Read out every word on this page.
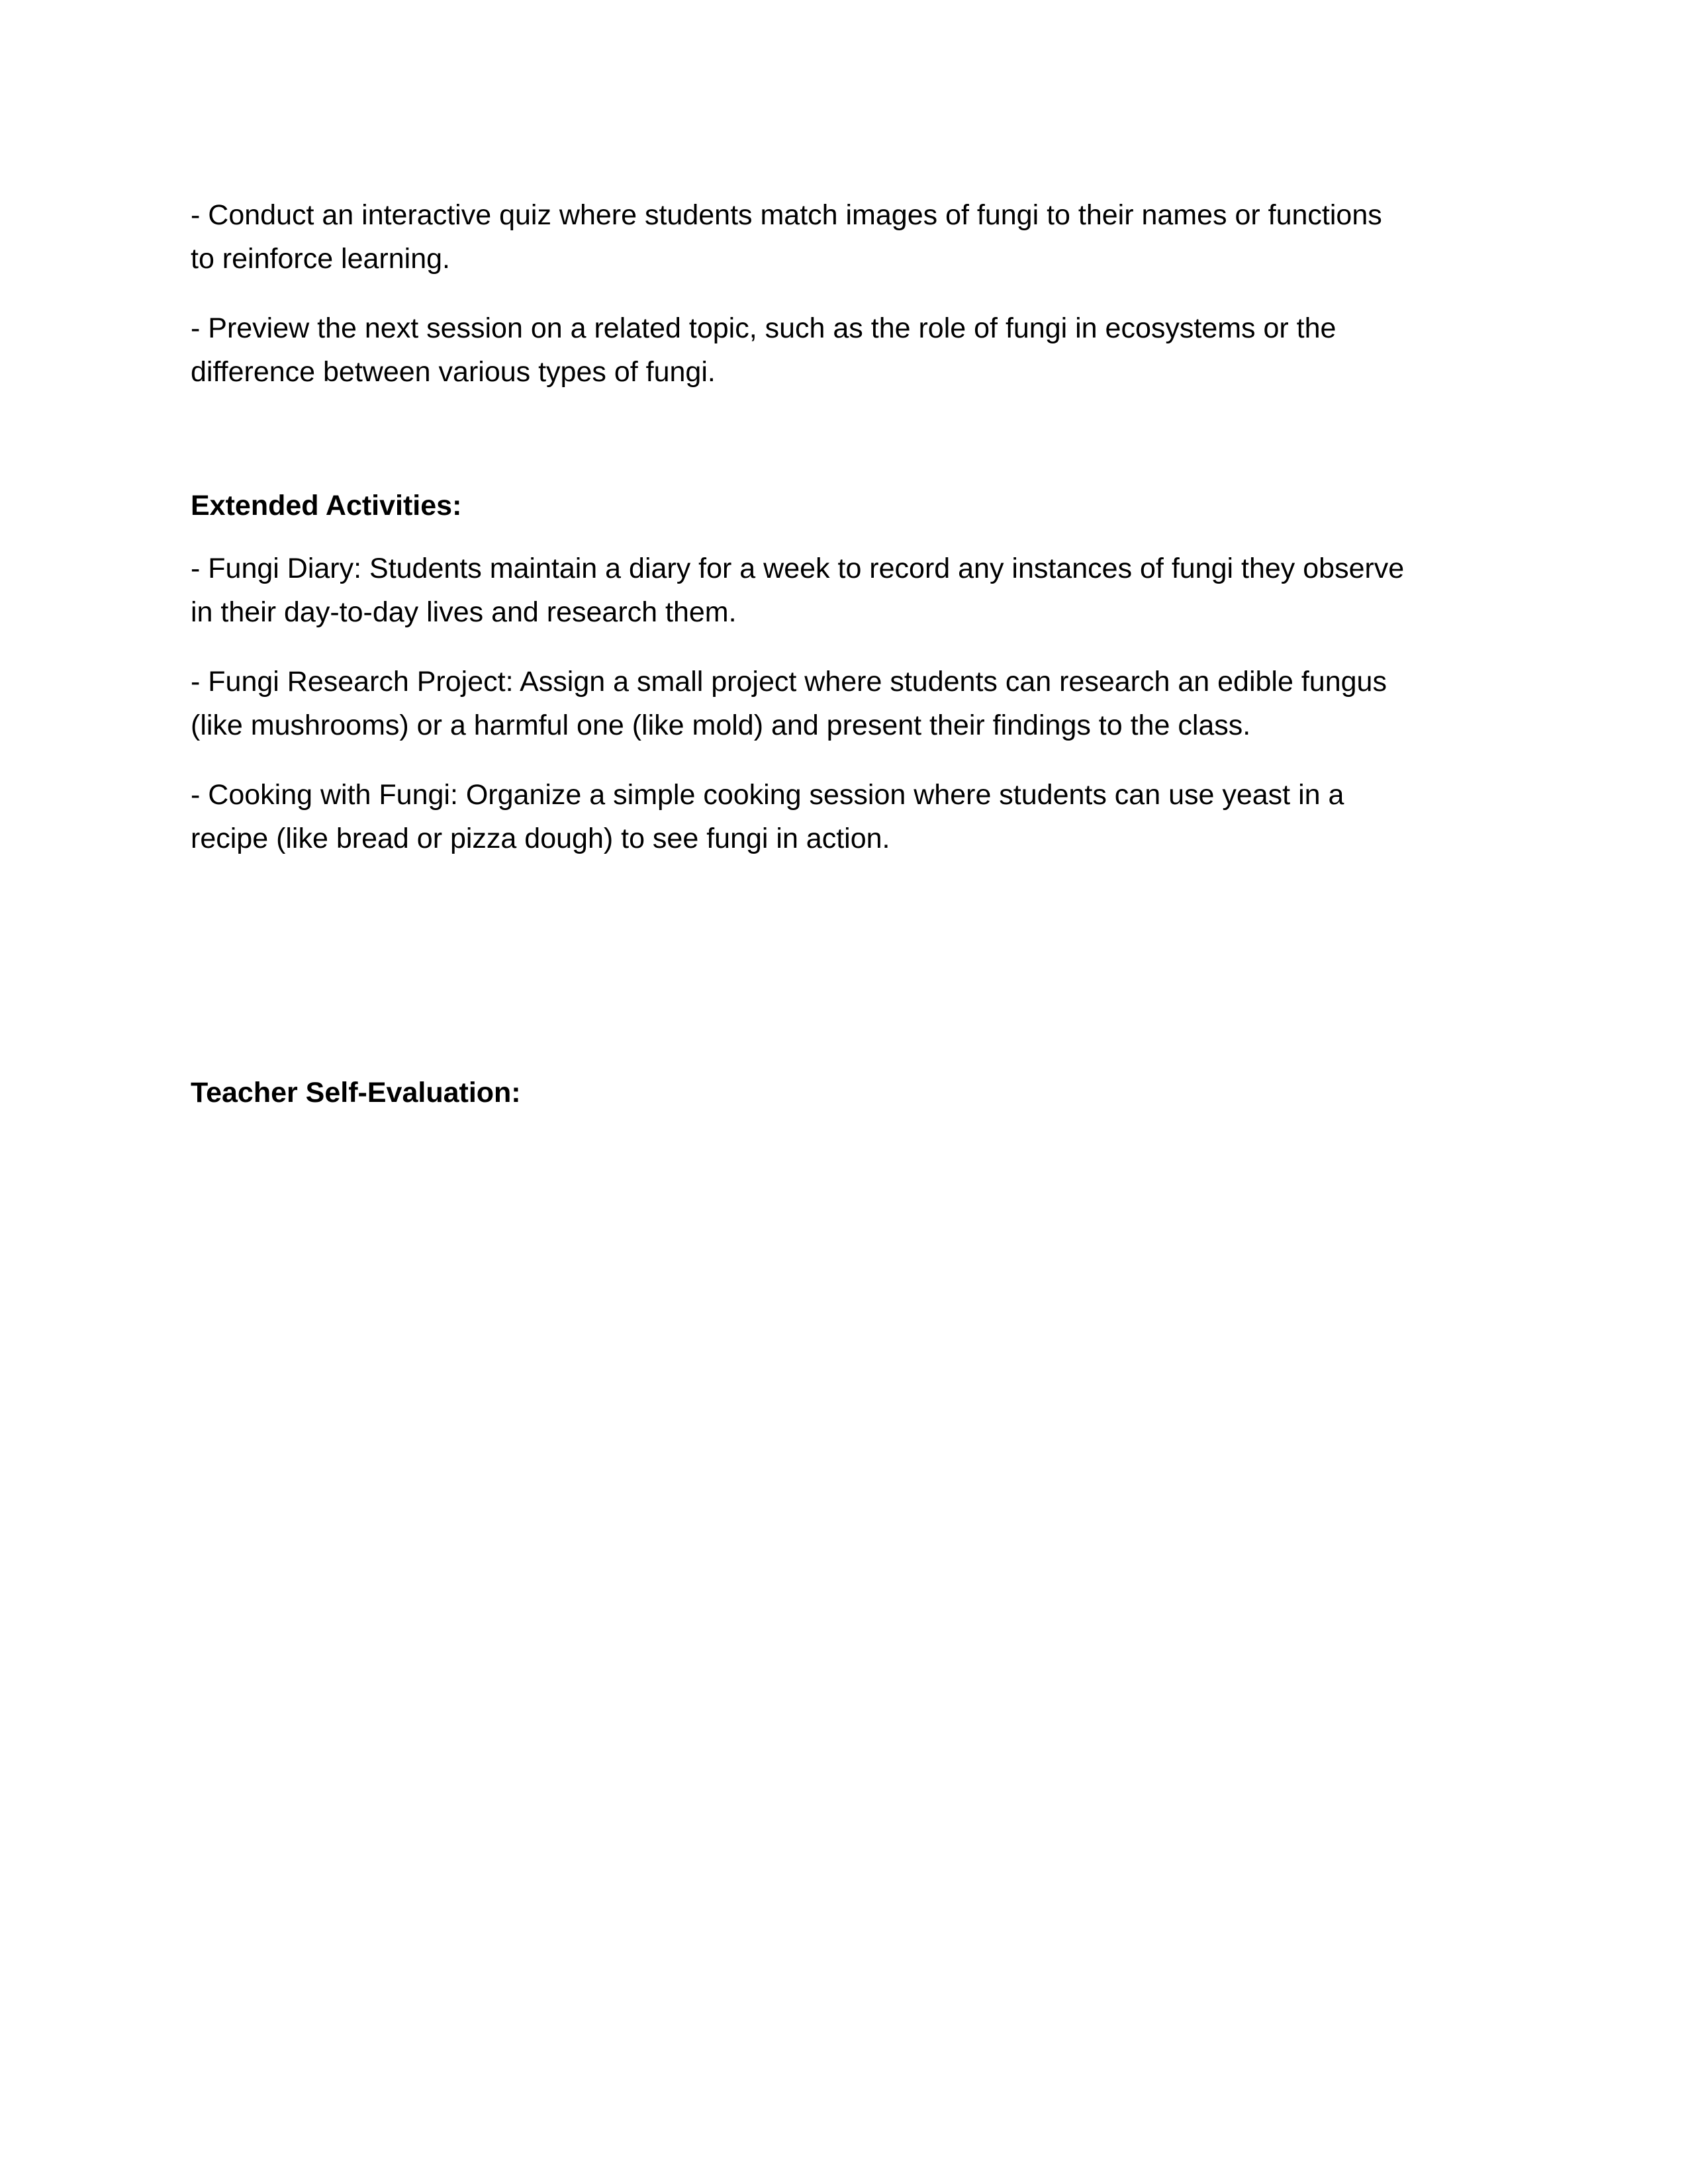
- Conduct an interactive quiz where students match images of fungi to their names or functions
to reinforce learning.

- Preview the next session on a related topic, such as the role of fungi in ecosystems or the
difference between various types of fungi.

Extended Activities:

- Fungi Diary: Students maintain a diary for a week to record any instances of fungi they observe
in their day-to-day lives and research them.

- Fungi Research Project: Assign a small project where students can research an edible fungus
(like mushrooms) or a harmful one (like mold) and present their findings to the class.

- Cooking with Fungi: Organize a simple cooking session where students can use yeast in a
recipe (like bread or pizza dough) to see fungi in action.

Teacher Self-Evaluation:
